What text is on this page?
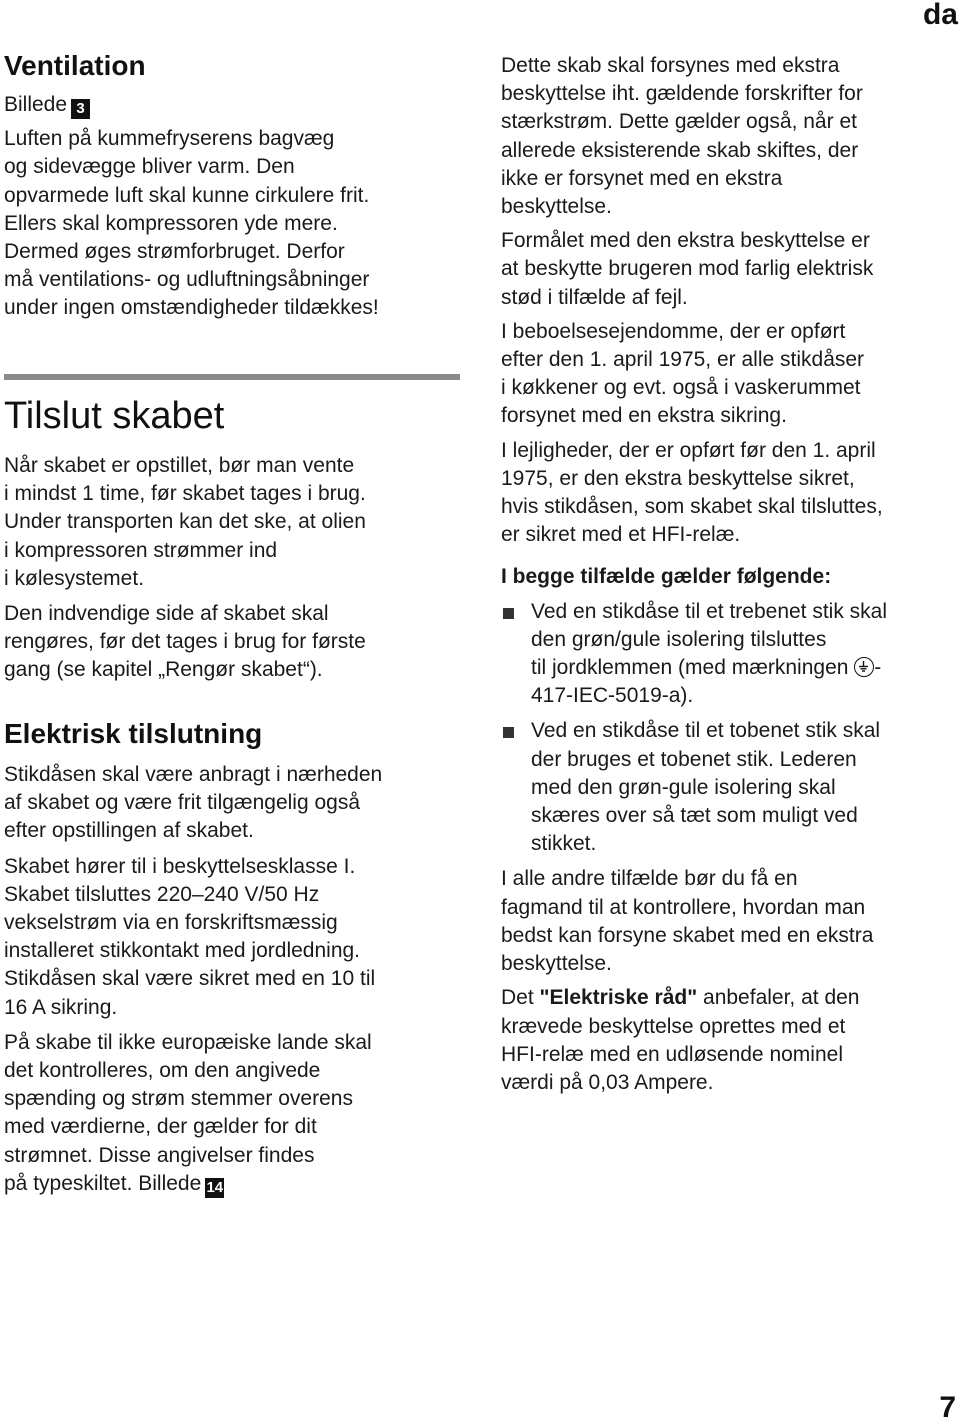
da
Ventilation
Billede 3
Luften på kummefryserens bagvæg
og sidevægge bliver varm. Den
opvarmede luft skal kunne cirkulere frit.
Ellers skal kompressoren yde mere.
Dermed øges strømforbruget. Derfor
må ventilations- og udluftningsåbninger
under ingen omstændigheder tildækkes!
Tilslut skabet
Når skabet er opstillet, bør man vente
i mindst 1 time, før skabet tages i brug.
Under transporten kan det ske, at olien
i kompressoren strømmer ind
i kølesystemet.
Den indvendige side af skabet skal
rengøres, før det tages i brug for første
gang (se kapitel „Rengør skabet“).
Elektrisk tilslutning
Stikdåsen skal være anbragt i nærheden
af skabet og være frit tilgængelig også
efter opstillingen af skabet.
Skabet hører til i beskyttelsesklasse I.
Skabet tilsluttes 220–240 V/50 Hz
vekselstrøm via en forskriftsmæssig
installeret stikkontakt med jordledning.
Stikdåsen skal være sikret med en 10 til
16 A sikring.
På skabe til ikke europæiske lande skal
det kontrolleres, om den angivede
spænding og strøm stemmer overens
med værdierne, der gælder for dit
strømnet. Disse angivelser findes
på typeskiltet. Billede 14
Dette skab skal forsynes med ekstra
beskyttelse iht. gældende forskrifter for
stærkstrøm. Dette gælder også, når et
allerede eksisterende skab skiftes, der
ikke er forsynet med en ekstra
beskyttelse.
Formålet med den ekstra beskyttelse er
at beskytte brugeren mod farlig elektrisk
stød i tilfælde af fejl.
I beboelsesejendomme, der er opført
efter den 1. april 1975, er alle stikdåser
i køkkener og evt. også i vaskerummet
forsynet med en ekstra sikring.
I lejligheder, der er opført før den 1. april
1975, er den ekstra beskyttelse sikret,
hvis stikdåsen, som skabet skal tilsluttes,
er sikret med et HFI-relæ.
I begge tilfælde gælder følgende:
Ved en stikdåse til et trebenet stik skal
den grøn/gule isolering tilsluttes
til jordklemmen (med mærkningen -
417-IEC-5019-a).
Ved en stikdåse til et tobenet stik skal
der bruges et tobenet stik. Lederen
med den grøn-gule isolering skal
skæres over så tæt som muligt ved
stikket.
I alle andre tilfælde bør du få en
fagmand til at kontrollere, hvordan man
bedst kan forsyne skabet med en ekstra
beskyttelse.
Det "Elektriske råd" anbefaler, at den
krævede beskyttelse oprettes med et
HFI-relæ med en udløsende nominel
værdi på 0,03 Ampere.
7
